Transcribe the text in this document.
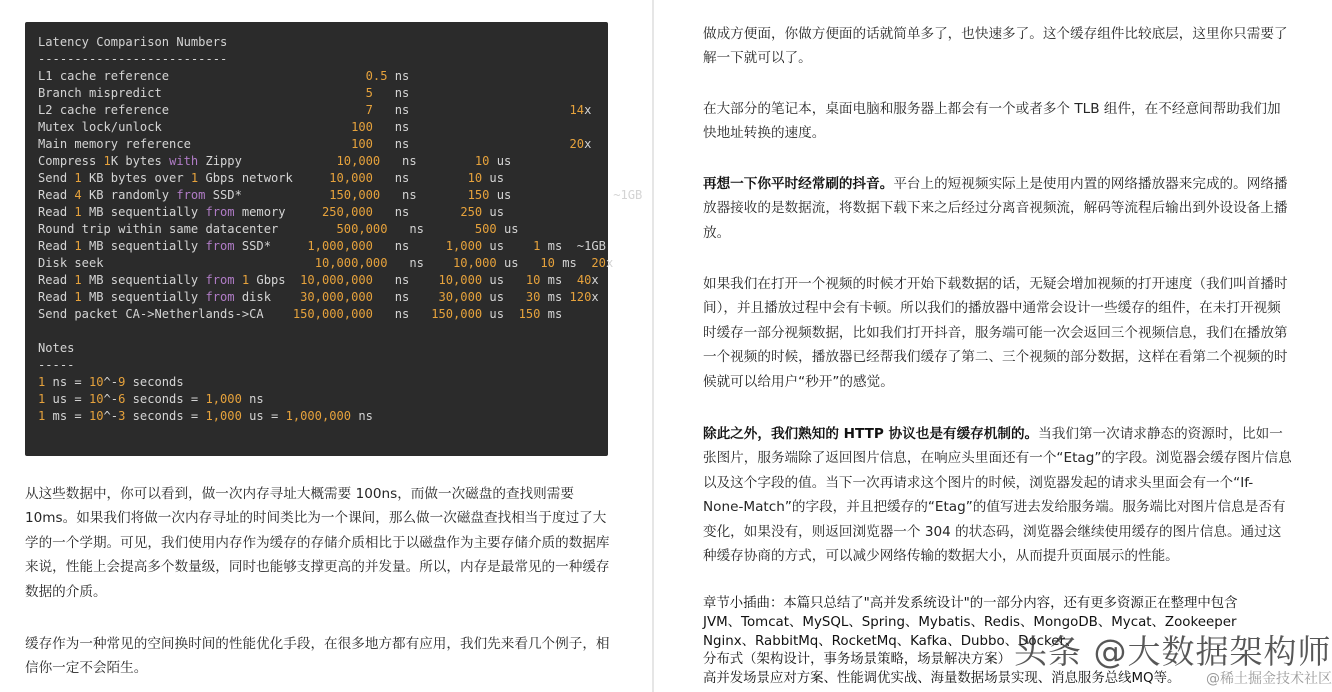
Latency Comparison Numbers
--------------------------
L1 cache reference	0.5 ns
Branch mispredict	5   ns
L2 cache reference	7   ns                      14x
Mutex lock/unlock	100   ns
Main memory reference	100   ns                      20x
Compress 1K bytes with Zippy             10,000   ns        10 us
Send 1 KB bytes over 1 Gbps network     10,000   ns        10 us
Read 4 KB randomly from SSD*            150,000   ns       150 us              ~1GB
Read 1 MB sequentially from memory     250,000   ns       250 us
Round trip within same datacenter	500,000   ns       500 us
Read 1 MB sequentially from SSD*     1,000,000   ns     1,000 us    1 ms  ~1GB
Disk seek	10,000,000   ns    10,000 us   10 ms  20x
Read 1 MB sequentially from 1 Gbps  10,000,000   ns    10,000 us   10 ms  40x
Read 1 MB sequentially from disk    30,000,000   ns    30,000 us   30 ms 120x
Send packet CA->Netherlands->CA    150,000,000   ns   150,000 us  150 ms

Notes
-----
1 ns = 10^-9 seconds
1 us = 10^-6 seconds = 1,000 ns
1 ms = 10^-3 seconds = 1,000 us = 1,000,000 ns

从这些数据中，你可以看到，做一次内存寻址大概需要 100ns，而做一次磁盘的查找则需要 10ms。如果我们将做一次内存寻址的时间类比为一个课间，那么做一次磁盘查找相当于度过了大学的一个学期。可见，我们使用内存作为缓存的存储介质相比于以磁盘作为主要存储介质的数据库来说，性能上会提高多个数量级，同时也能够支撑更高的并发量。所以，内存是最常见的一种缓存数据的介质。

缓存作为一种常见的空间换时间的性能优化手段，在很多地方都有应用，我们先来看几个例子，相信你一定不会陌生。

做成方便面，你做方便面的话就简单多了，也快速多了。这个缓存组件比较底层，这里你只需要了解一下就可以了。

在大部分的笔记本，桌面电脑和服务器上都会有一个或者多个 TLB 组件，在不经意间帮助我们加快地址转换的速度。

再想一下你平时经常刷的抖音。平台上的短视频实际上是使用内置的网络播放器来完成的。网络播放器接收的是数据流，将数据下载下来之后经过分离音视频流，解码等流程后输出到外设设备上播放。

如果我们在打开一个视频的时候才开始下载数据的话，无疑会增加视频的打开速度（我们叫首播时间），并且播放过程中会有卡顿。所以我们的播放器中通常会设计一些缓存的组件，在未打开视频时缓存一部分视频数据，比如我们打开抖音，服务端可能一次会返回三个视频信息，我们在播放第一个视频的时候，播放器已经帮我们缓存了第二、三个视频的部分数据，这样在看第二个视频的时候就可以给用户“秒开”的感觉。

除此之外，我们熟知的 HTTP 协议也是有缓存机制的。当我们第一次请求静态的资源时，比如一张图片，服务端除了返回图片信息，在响应头里面还有一个“Etag”的字段。浏览器会缓存图片信息以及这个字段的值。当下一次再请求这个图片的时候，浏览器发起的请求头里面会有一个“If-None-Match”的字段，并且把缓存的“Etag”的值写进去发给服务端。服务端比对图片信息是否有变化，如果没有，则返回浏览器一个 304 的状态码，浏览器会继续使用缓存的图片信息。通过这种缓存协商的方式，可以减少网络传输的数据大小，从而提升页面展示的性能。

章节小插曲：本篇只总结了"高并发系统设计"的一部分内容，还有更多资源正在整理中包含
JVM、Tomcat、MySQL、Spring、Mybatis、Redis、MongoDB、Mycat、Zookeeper
Nginx、RabbitMq、RocketMq、Kafka、Dubbo、Docker、
分布式（架构设计，事务场景策略，场景解决方案）
高并发场景应对方案、性能调优实战、海量数据场景实现、消息服务总线MQ等。
头条 @大数据架构师
@稀土掘金技术社区
